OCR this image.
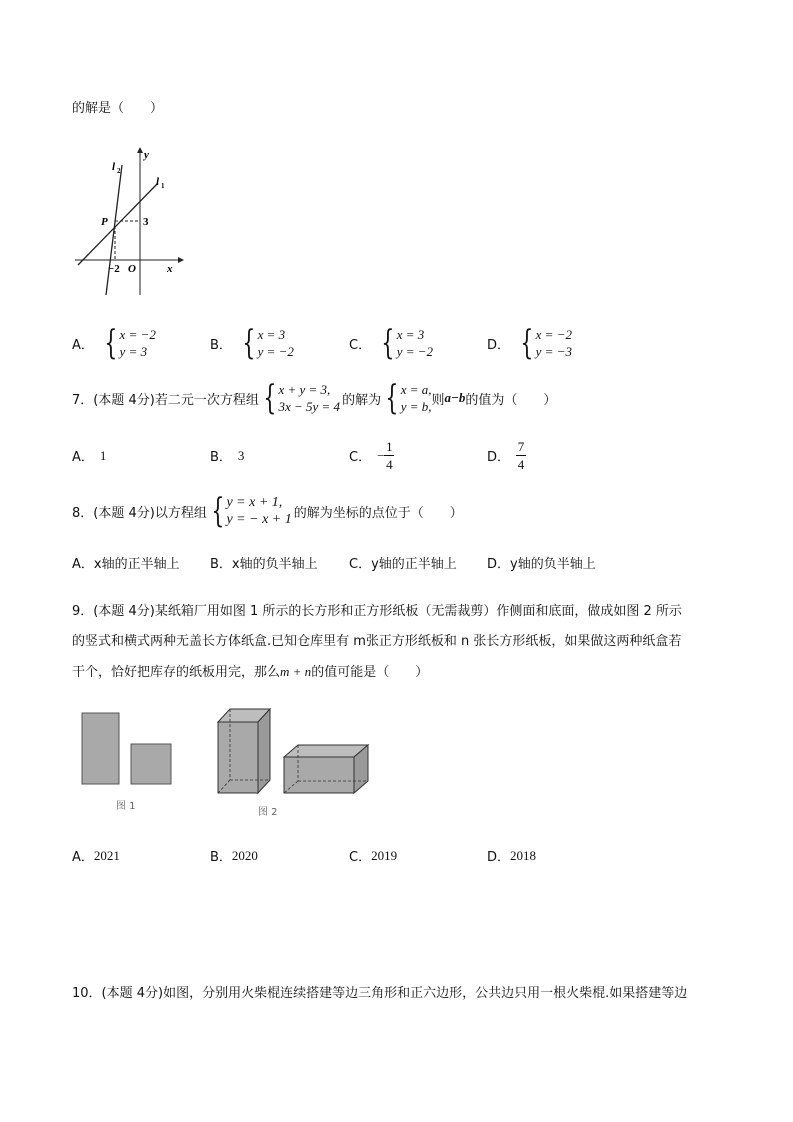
的解是（　　）
y
x
O
−2
3
P
l 2
l 1
A． { x = −2
y = 3	B． { x = 3
y = −2	C． { x = 3
y = −2	D． { x = −2
y = −3
7．(本题 4分)若二元一次方程组 { x + y = 3,
3x − 5y = 4 的解为 { x = a,
y = b, 则 a−b 的值为（　　）
A． 1	B． 3	C． − $\frac{1}{4}$	D． $\frac{7}{4}$
8．(本题 4分)以方程组 { y = x + 1,
y = − x + 1 的解为坐标的点位于（　　）
A． x轴的正半轴上 B． x轴的负半轴上 C． y轴的正半轴上 D． y轴的负半轴上
9．(本题 4分)某纸箱厂用如图 1 所示的长方形和正方形纸板（无需裁剪）作侧面和底面，做成如图 2 所示
的竖式和横式两种无盖长方体纸盒.已知仓库里有 m张正方形纸板和 n 张长方形纸板，如果做这两种纸盒若
干个，恰好把库存的纸板用完，那么m + n的值可能是（　　）
图 1
图 2
A． 2021	B． 2020	C． 2019	D． 2018
10．(本题 4分)如图，分别用火柴棍连续搭建等边三角形和正六边形，公共边只用一根火柴棍.如果搭建等边
